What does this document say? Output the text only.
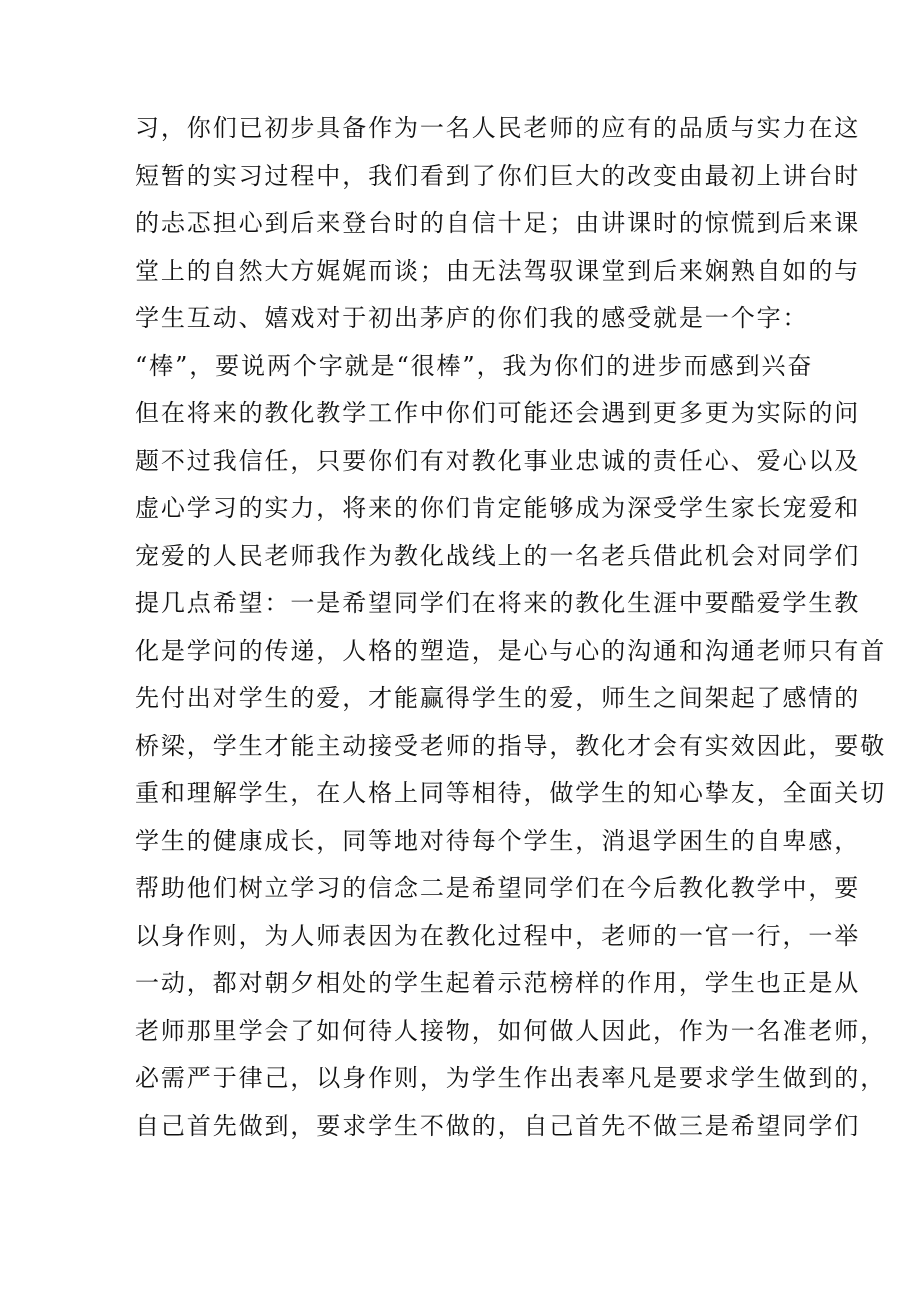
习，你们已初步具备作为一名人民老师的应有的品质与实力在这
短暂的实习过程中，我们看到了你们巨大的改变由最初上讲台时
的忐忑担心到后来登台时的自信十足；由讲课时的惊慌到后来课
堂上的自然大方娓娓而谈；由无法驾驭课堂到后来娴熟自如的与
学生互动、嬉戏对于初出茅庐的你们我的感受就是一个字：
“棒”，要说两个字就是“很棒”，我为你们的进步而感到兴奋
但在将来的教化教学工作中你们可能还会遇到更多更为实际的问
题不过我信任，只要你们有对教化事业忠诚的责任心、爱心以及
虚心学习的实力，将来的你们肯定能够成为深受学生家长宠爱和
宠爱的人民老师我作为教化战线上的一名老兵借此机会对同学们
提几点希望：一是希望同学们在将来的教化生涯中要酷爱学生教
化是学问的传递，人格的塑造，是心与心的沟通和沟通老师只有首
先付出对学生的爱，才能赢得学生的爱，师生之间架起了感情的
桥梁，学生才能主动接受老师的指导，教化才会有实效因此，要敬
重和理解学生，在人格上同等相待，做学生的知心挚友，全面关切
学生的健康成长，同等地对待每个学生，消退学困生的自卑感，
帮助他们树立学习的信念二是希望同学们在今后教化教学中，要
以身作则，为人师表因为在教化过程中，老师的一官一行，一举
一动，都对朝夕相处的学生起着示范榜样的作用，学生也正是从
老师那里学会了如何待人接物，如何做人因此，作为一名准老师，
必需严于律己，以身作则，为学生作出表率凡是要求学生做到的，
自己首先做到，要求学生不做的，自己首先不做三是希望同学们
